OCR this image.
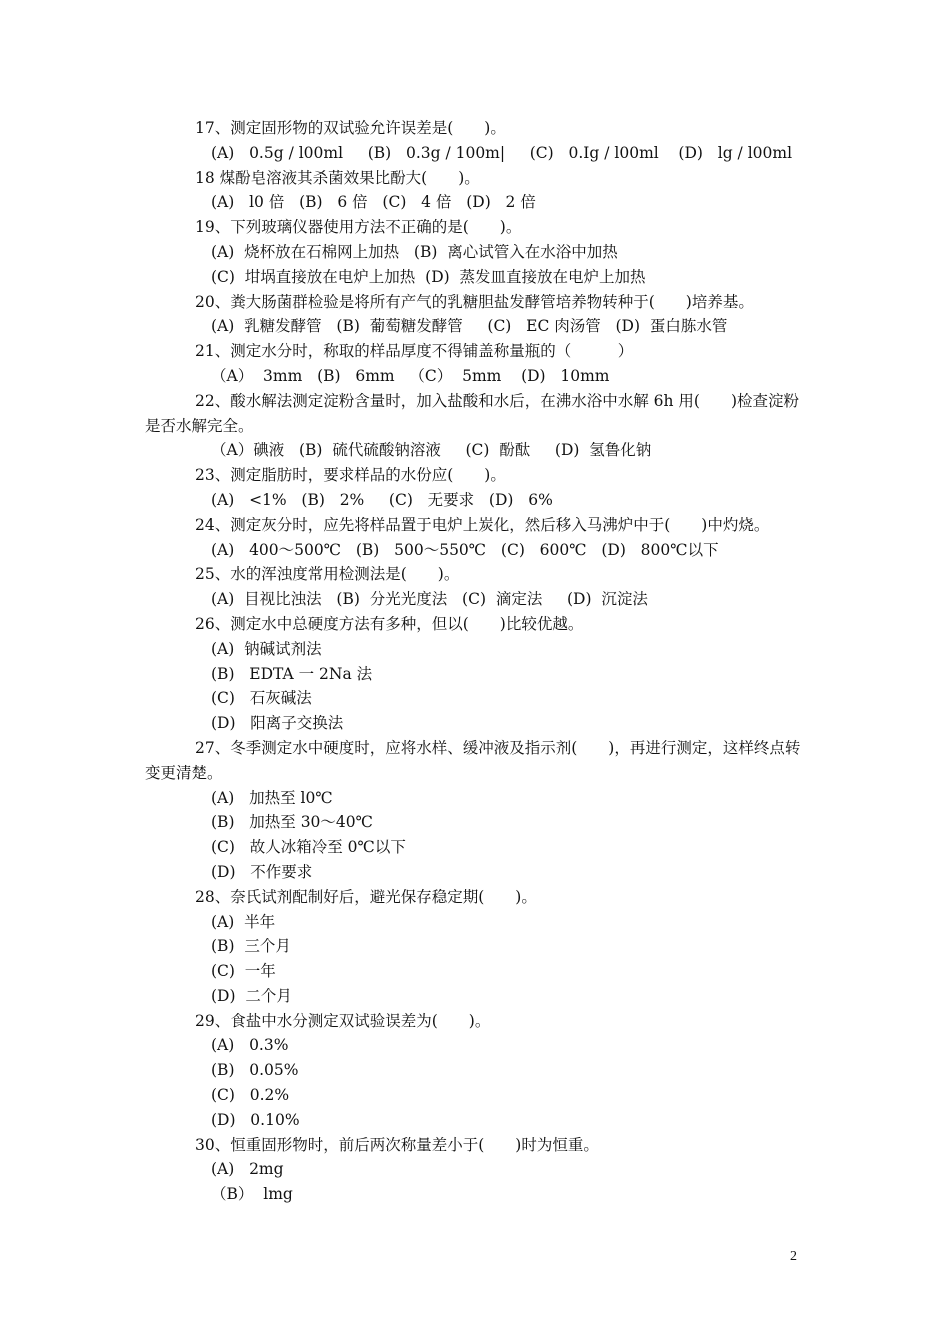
17、测定固形物的双试验允许误差是(　　)。
(A)   0.5g / l00ml     (B)   0.3g / 100m|     (C)   0.Ig / l00ml    (D)   lg / l00ml
18 煤酚皂溶液其杀菌效果比酚大(　　)。
(A)   l0 倍   (B)   6 倍   (C)   4 倍   (D)   2 倍
19、下列玻璃仪器使用方法不正确的是(　　)。
(A)  烧杯放在石棉网上加热   (B)  离心试管入在水浴中加热
(C)  坩埚直接放在电炉上加热  (D)  蒸发皿直接放在电炉上加热
20、粪大肠菌群检验是将所有产气的乳糖胆盐发酵管培养物转种于(　　)培养基。
(A)  乳糖发酵管   (B)  葡萄糖发酵管     (C)   EC 肉汤管   (D)  蛋白胨水管
21、测定水分时，称取的样品厚度不得铺盖称量瓶的（　　　）
（A）  3mm   (B)   6mm   （C）  5mm    (D)   10mm
22、酸水解法测定淀粉含量时，加入盐酸和水后，在沸水浴中水解 6h 用(　　)检查淀粉是否水解完全。
（A）碘液   (B)  硫代硫酸钠溶液     (C)  酚酞     (D)  氢鲁化钠
23、测定脂肪时，要求样品的水份应(　　)。
(A)   <1%   (B)   2%     (C)   无要求   (D)   6%
24、测定灰分时，应先将样品置于电炉上炭化，然后移入马沸炉中于(　　)中灼烧。
(A)   400～500℃   (B)   500～550℃   (C)   600℃   (D)   800℃以下
25、水的浑浊度常用检测法是(　　)。
(A)  目视比浊法   (B)  分光光度法   (C)  滴定法     (D)  沉淀法
26、测定水中总硬度方法有多种，但以(　　)比较优越。
(A)  钠碱试剂法
(B)   EDTA 一 2Na 法
(C)   石灰碱法
(D)   阳离子交换法
27、冬季测定水中硬度时，应将水样、缓冲液及指示剂(　　)，再进行测定，这样终点转变更清楚。
(A)   加热至 l0℃
(B)   加热至 30～40℃
(C)   故人冰箱冷至 0℃以下
(D)   不作要求
28、奈氏试剂配制好后，避光保存稳定期(　　)。
(A)  半年
(B)  三个月
(C)  一年
(D)  二个月
29、食盐中水分测定双试验误差为(　　)。
(A)   0.3%
(B)   0.05%
(C)   0.2%
(D)   0.10%
30、恒重固形物时，前后两次称量差小于(　　)时为恒重。
(A)   2mg
（B）  lmg
2
